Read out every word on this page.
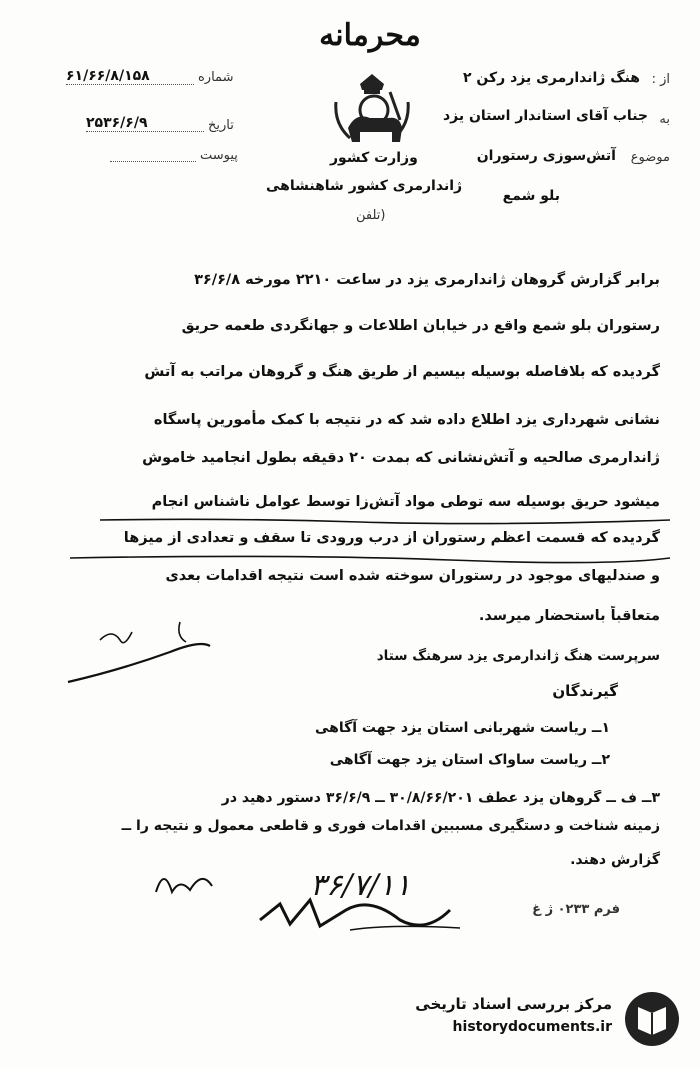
محرمانه
شماره
۶۱/۶۶/۸/۱۵۸
تاریخ
۲۵۳۶/۶/۹
پیوست
از :
هنگ ژاندارمری یزد رکن ۲
به
جناب آقای استاندار استان یزد
موضوع
آتش‌سوزی رستوران
بلو شمع
وزارت کشور
ژاندارمری کشور شاهنشاهی
(تلفن
برابر گزارش گروهان ژاندارمری یزد در ساعت ۲۲۱۰ مورخه ۳۶/۶/۸
رستوران بلو شمع واقع در خیابان اطلاعات و جهانگردی طعمه حریق
گردیده که بلافاصله بوسیله بیسیم از طریق هنگ و گروهان مراتب به آتش
نشانی شهرداری یزد اطلاع داده شد که در نتیجه با کمک مأمورین پاسگاه
ژاندارمری صالحیه و آتش‌نشانی که بمدت ۲۰ دقیقه بطول انجامید خاموش
میشود حریق بوسیله سه توطی مواد آتش‌زا توسط عوامل ناشناس انجام
گردیده که قسمت اعظم رستوران از درب ورودی تا سقف و تعدادی از میزها
و صندلیهای موجود در رستوران سوخته شده است نتیجه اقدامات بعدی
متعاقباً باستحضار میرسد.
سرپرست هنگ ژاندارمری یزد سرهنگ ستاد
گیرندگان
۱ــ ریاست شهربانی استان یزد جهت آگاهی
۲ــ ریاست ساواک استان یزد جهت آگاهی
۳ــ ف ــ گروهان یزد عطف ۳۰/۸/۶۶/۲۰۱ ــ ۳۶/۶/۹ دستور دهید در
زمینه شناخت و دستگیری مسببین اقدامات فوری و قاطعی معمول و نتیجه را ــ
گزارش دهند.
۳۶/۷/۱۱
فرم ۰۲۳۳ ژ غ
مرکز بررسی اسناد تاریخی
historydocuments.ir
